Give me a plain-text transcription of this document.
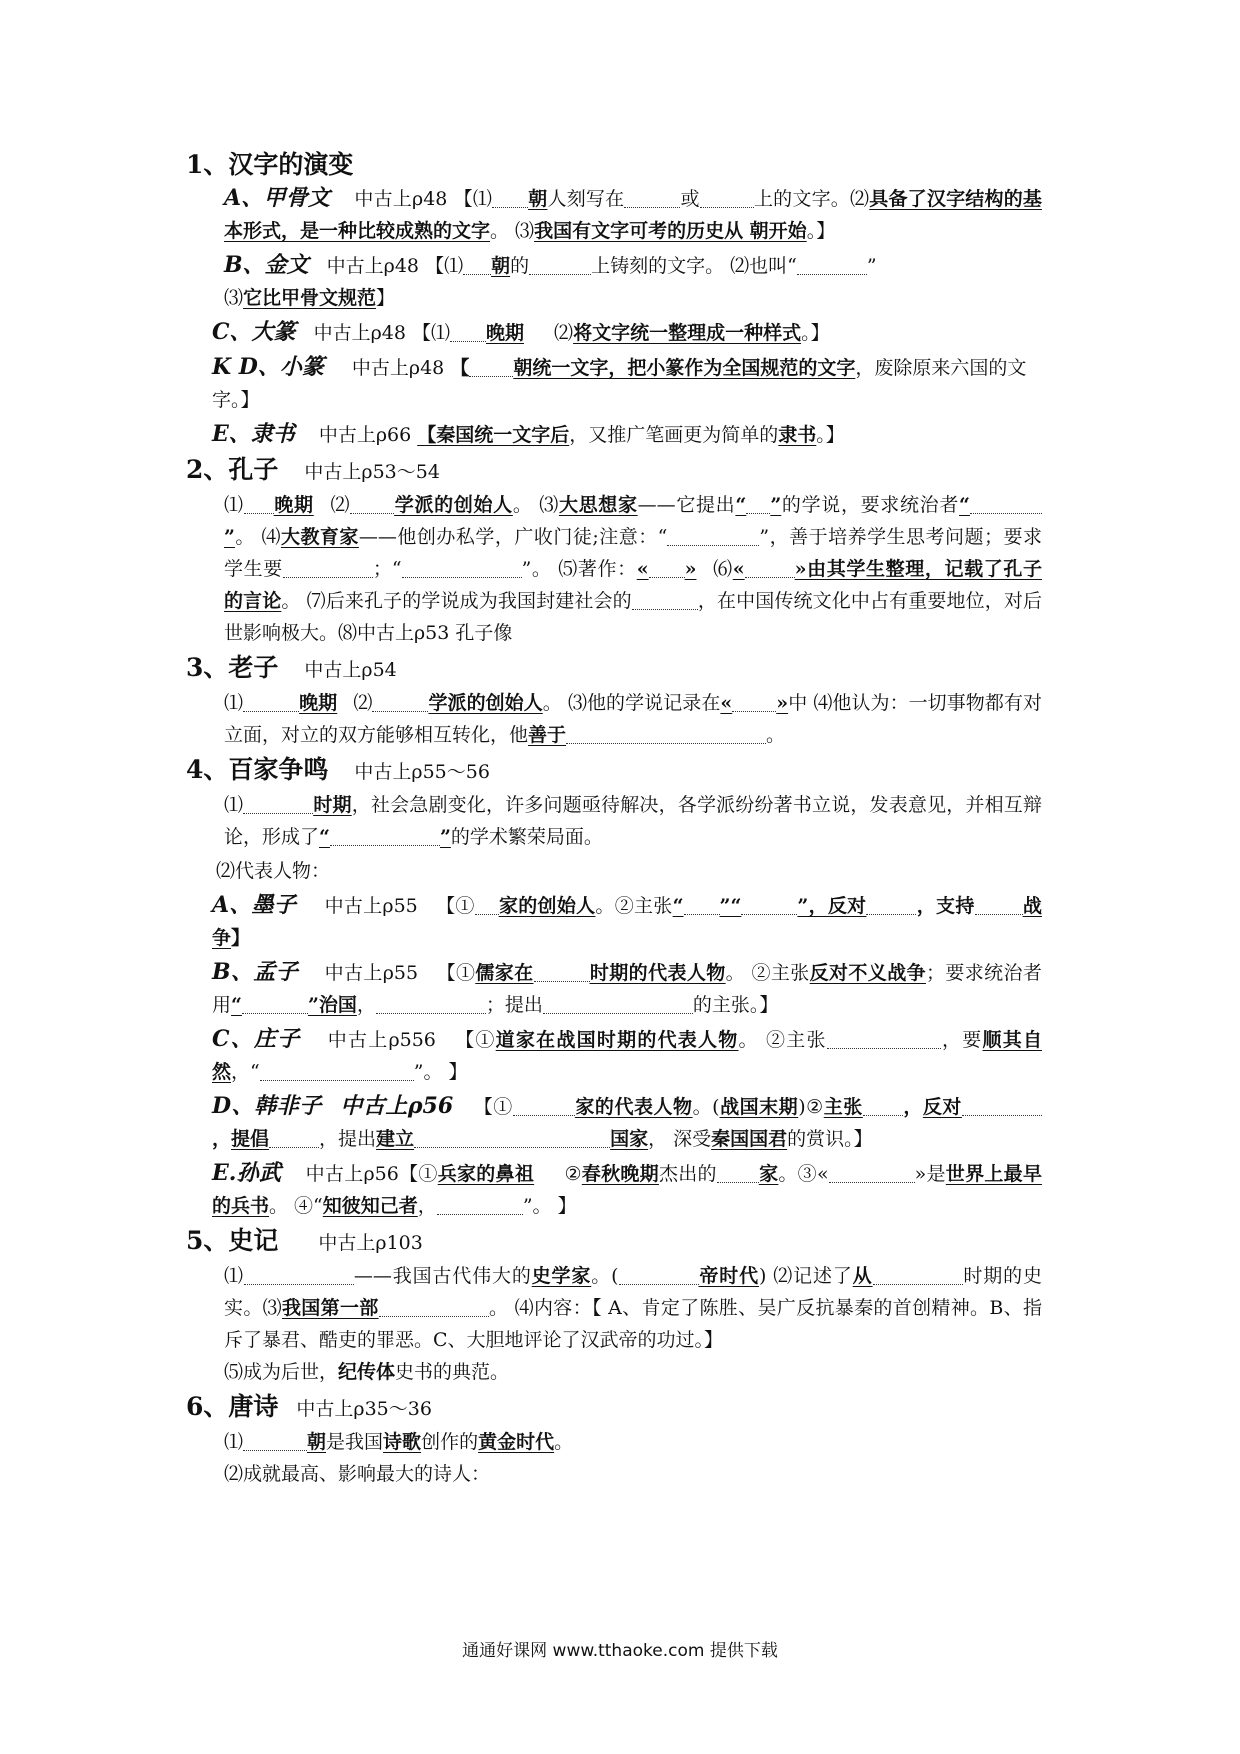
1、汉字的演变

A、甲骨文 中古上ρ48 【⑴ 朝人刻写在	或	上的文字。⑵具备了汉字结构的基本形式，是一种比较成熟的文字。 ⑶我国有文字可考的历史从 朝开始。】

B、金文 中古上ρ48 【⑴ 朝的	上铸刻的文字。 ⑵也叫“	”
⑶它比甲骨文规范】

C、大篆 中古上ρ48 【⑴ 晚期 ⑵将文字统一整理成一种样式。】

K D、小篆 中古上ρ48 【 朝统一文字，把小篆作为全国规范的文字，废除原来六国的文字。】

E、隶书 中古上ρ66 【秦国统一文字后，又推广笔画更为简单的隶书。】

2、孔子 中古上ρ53～54

⑴ 晚期 ⑵ 学派的创始人。 ⑶大思想家——它提出“ ”的学说，要求统治者“”。 ⑷大教育家——他创办私学，广收门徒;注意：“	”，善于培养学生思考问题；要求学生要	；“	”。 ⑸著作：« » ⑹«	»由其学生整理，记载了孔子的言论。 ⑺后来孔子的学说成为我国封建社会的	，在中国传统文化中占有重要地位，对后世影响极大。⑻中古上ρ53 孔子像

3、老子 中古上ρ54

⑴	晚期 ⑵	学派的创始人。 ⑶他的学说记录在« »中 ⑷他认为：一切事物都有对立面，对立的双方能够相互转化，他善于	。

4、百家争鸣 中古上ρ55～56

⑴	时期，社会急剧变化，许多问题亟待解决，各学派纷纷著书立说，发表意见，并相互辩论，形成了“	”的学术繁荣局面。

⑵代表人物：

A、墨子 中古上ρ55 【① 家的创始人。②主张“ ”“	”，反对	，支持	战争】

B、孟子 中古上ρ55 【①儒家在	时期的代表人物。 ②主张反对不义战争；要求统治者用“	”治国，	；提出	的主张。】

C、庄子 中古上ρ556 【①道家在战国时期的代表人物。 ②主张	，要顺其自然，“	”。 】

D、韩非子 中古上ρ56 【①	家的代表人物。(战国末期)②主张 ，反对，提倡	，提出建立	国家， 深受秦国国君的赏识。】

E.孙武 中古上ρ56【①兵家的鼻祖 ②春秋晚期杰出的 家。③«	»是世界上最早的兵书。 ④“知彼知己者，	”。 】

5、史记 中古上ρ103

⑴	——我国古代伟大的史学家。(	帝时代) ⑵记述了从	时期的史实。⑶我国第一部	。 ⑷内容：【 A、肯定了陈胜、吴广反抗暴秦的首创精神。B、指斥了暴君、酷吏的罪恶。C、大胆地评论了汉武帝的功过。】
⑸成为后世，纪传体史书的典范。

6、唐诗 中古上ρ35～36

⑴	朝是我国诗歌创作的黄金时代。
⑵成就最高、影响最大的诗人：

通通好课网 www.tthaoke.com 提供下载
